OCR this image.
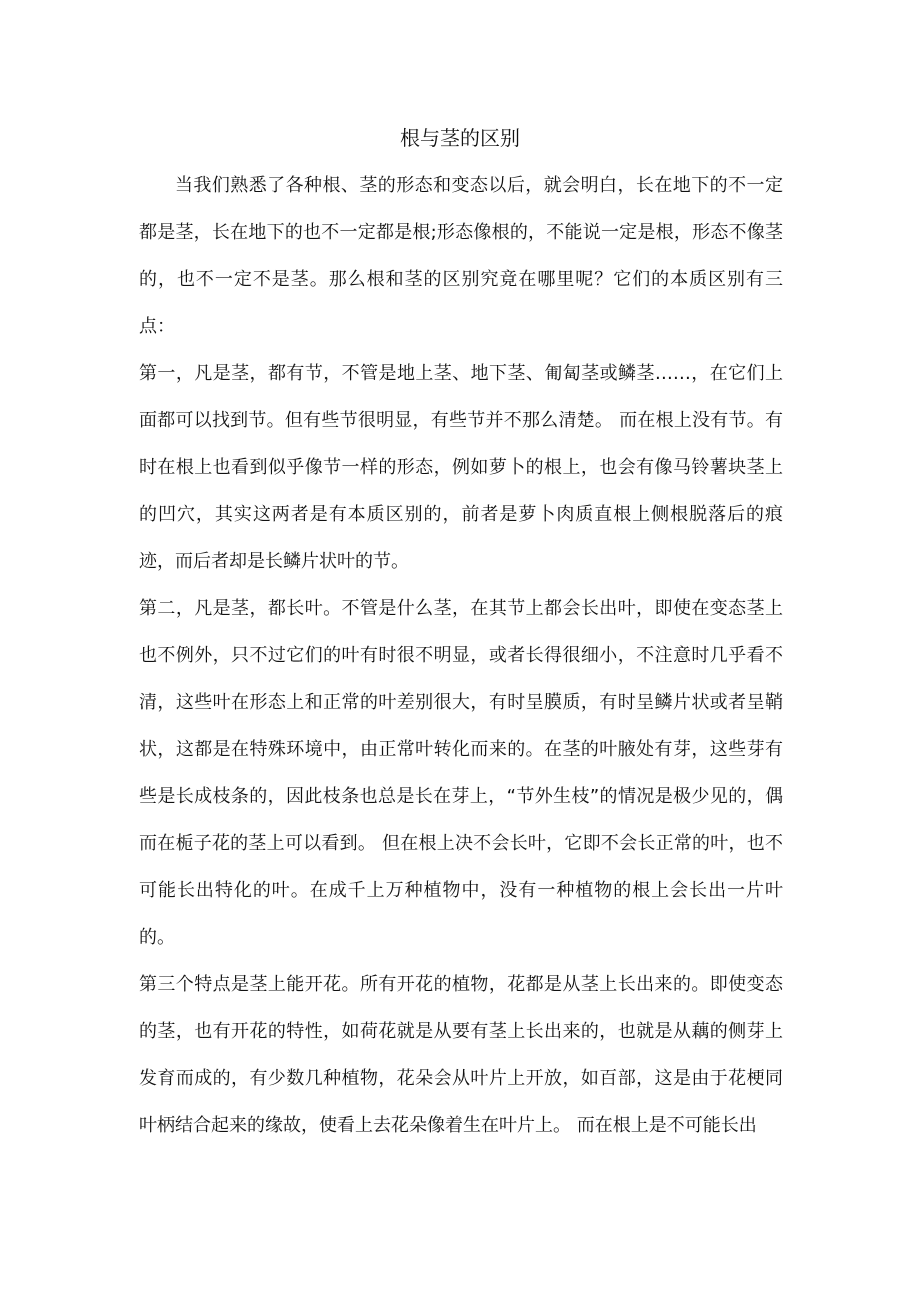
根与茎的区别

当我们熟悉了各种根、茎的形态和变态以后，就会明白，长在地下的不一定都是茎，长在地下的也不一定都是根;形态像根的，不能说一定是根，形态不像茎的，也不一定不是茎。那么根和茎的区别究竟在哪里呢？它们的本质区别有三点：

第一，凡是茎，都有节，不管是地上茎、地下茎、匍匐茎或鳞茎……，在它们上面都可以找到节。但有些节很明显，有些节并不那么清楚。 而在根上没有节。有时在根上也看到似乎像节一样的形态，例如萝卜的根上，也会有像马铃薯块茎上的凹穴，其实这两者是有本质区别的，前者是萝卜肉质直根上侧根脱落后的痕迹，而后者却是长鳞片状叶的节。

第二，凡是茎，都长叶。不管是什么茎，在其节上都会长出叶，即使在变态茎上也不例外，只不过它们的叶有时很不明显，或者长得很细小，不注意时几乎看不清，这些叶在形态上和正常的叶差别很大，有时呈膜质，有时呈鳞片状或者呈鞘状，这都是在特殊环境中，由正常叶转化而来的。在茎的叶腋处有芽，这些芽有些是长成枝条的，因此枝条也总是长在芽上，“节外生枝”的情况是极少见的，偶而在栀子花的茎上可以看到。 但在根上决不会长叶，它即不会长正常的叶，也不可能长出特化的叶。在成千上万种植物中，没有一种植物的根上会长出一片叶的。

第三个特点是茎上能开花。所有开花的植物，花都是从茎上长出来的。即使变态的茎，也有开花的特性，如荷花就是从要有茎上长出来的，也就是从藕的侧芽上发育而成的，有少数几种植物，花朵会从叶片上开放，如百部，这是由于花梗同叶柄结合起来的缘故，使看上去花朵像着生在叶片上。 而在根上是不可能长出
